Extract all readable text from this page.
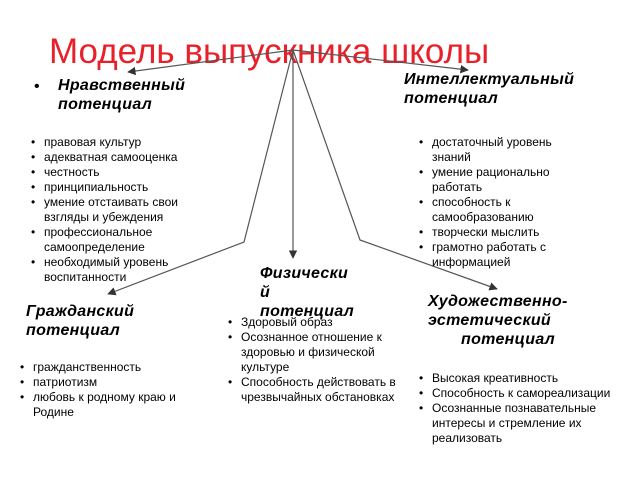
Модель выпускника школы
• Нравственный
потенциал
• правовая культур
• адекватная самооценка
• честность
• принципиальность
• умение отстаивать свои взгляды и убеждения
• профессиональное самоопределение
• необходимый уровень воспитанности
Интеллектуальный
потенциал
• достаточный уровень знаний
• умение рационально работать
• способность к самообразованию
• творчески мыслить
• грамотно работать с информацией
Физически
й
потенциал
• Здоровый образ
• Осознанное отношение к здоровью и физической культуре
• Способность действовать в чрезвычайных обстановках
Гражданский
потенциал
• гражданственность
• патриотизм
• любовь к родному краю и Родине
Художественно-
эстетический
потенциал
• Высокая креативность
• Способность к самореализации
• Осознанные познавательные интересы и стремление их реализовать
